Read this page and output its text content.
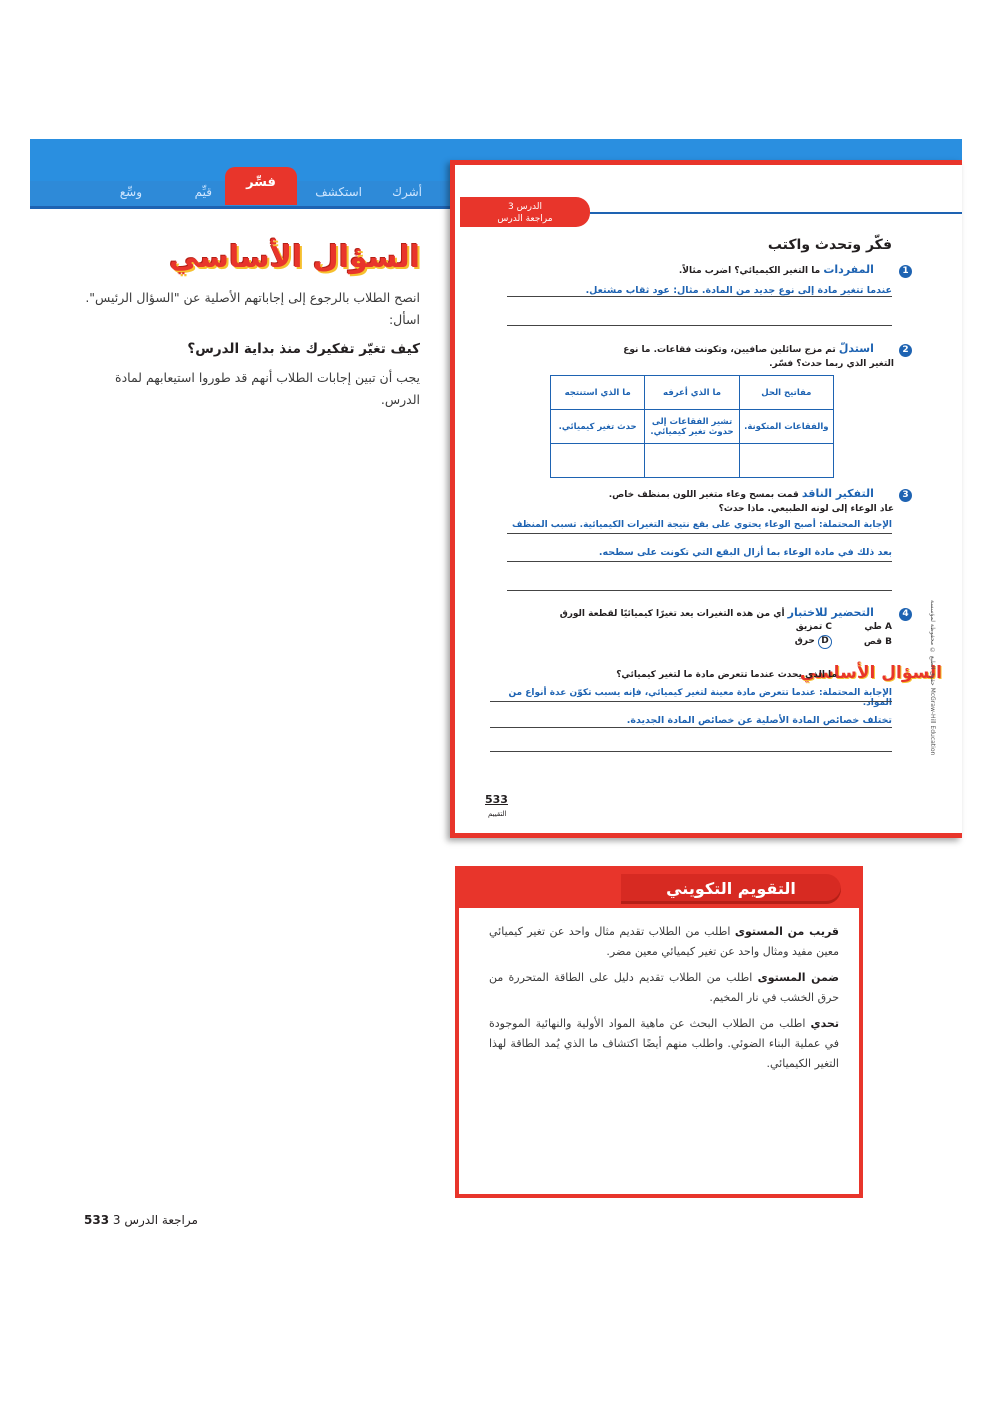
أشرك
استكشف
فسِّر
قيِّم
وسِّع
السؤال الأساسي

انصح الطلاب بالرجوع إلى إجاباتهم الأصلية عن "السؤال الرئيس". اسأل:

كيف تغيّر تفكيرك منذ بداية الدرس؟

يجب أن تبين إجابات الطلاب أنهم قد طوروا استيعابهم لمادة الدرس.

الدرس 3
مراجعة الدرس
فكّر وتحدث واكتب
1 المفردات ما التغير الكيميائي؟ اضرب مثالاً.
عندما تتغير مادة إلى نوع جديد من المادة. مثال: عود ثقاب مشتعل.
2 استدلّ تم مزج سائلين صافيين، وتكونت فقاعات. ما نوع التغير الذي ربما حدث؟ فسّر.
مفاتيح الحل	ما الذي أعرفه	ما الذي استنتجه
والفقاعات المتكونة.	تشير الفقاعات إلى حدوث تغير كيميائي.	حدث تغير كيميائي.

3 التفكير الناقد قمت بمسح وعاء متغير اللون بمنظف خاص. عاد الوعاء إلى لونه الطبيعي. ماذا حدث؟
الإجابة المحتملة: أصبح الوعاء يحتوي على بقع نتيجة التغيرات الكيميائية. تسبب المنظف
بعد ذلك في مادة الوعاء بما أزال البقع التي تكونت على سطحه.
4 التحضير للاختبار أي من هذه التغيرات يعد تغيرًا كيميائيًا لقطعة الورق
A طي
B قص
C تمزيق
D حرق
السؤال الأساسي
ما الذي يحدث عندما تتعرض مادة ما لتغير كيميائي؟
الإجابة المحتملة: عندما تتعرض مادة معينة لتغير كيميائي، فإنه يسبب تكوّن عدة أنواع من المواد.
تختلف خصائص المادة الأصلية عن خصائص المادة الجديدة.
533
التقييم
حقوق الطبع © محفوظة لمؤسسة McGraw-Hill Education
التقويم التكويني

قريب من المستوى اطلب من الطلاب تقديم مثال واحد عن تغير كيميائي معين مفيد ومثال واحد عن تغير كيميائي معين مضر.

ضمن المستوى اطلب من الطلاب تقديم دليل على الطاقة المتحررة من حرق الخشب في نار المخيم.

تحدي اطلب من الطلاب البحث عن ماهية المواد الأولية والنهائية الموجودة في عملية البناء الضوئي. واطلب منهم أيضًا اكتشاف ما الذي يُمد الطاقة لهذا التغير الكيميائي.

مراجعة الدرس 3 533
